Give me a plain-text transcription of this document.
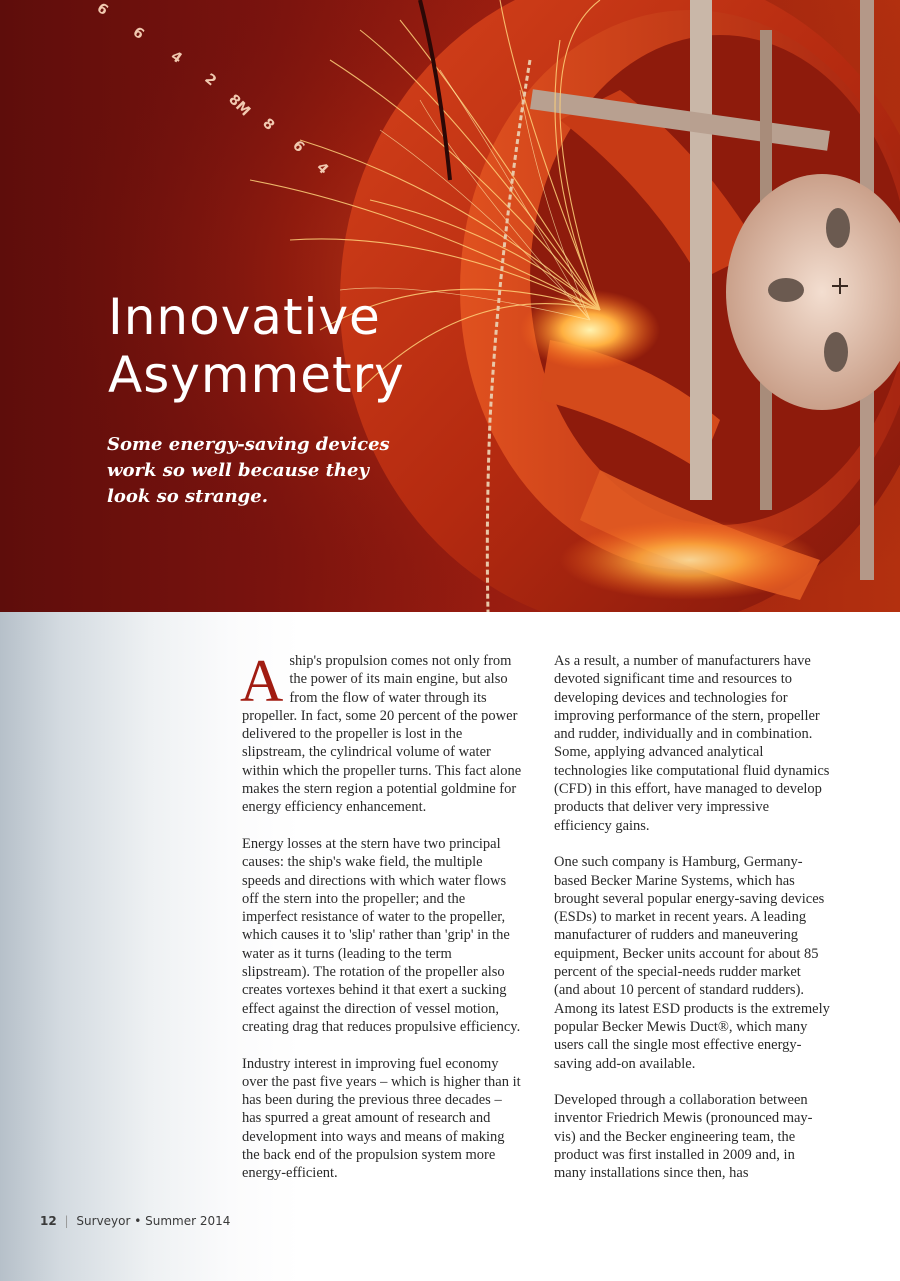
6
6
4
2
8M
8
6
4
Innovative
Asymmetry

Some energy-saving devices work so well because they look so strange.

Aship's propulsion comes not only from the power of its main engine, but also from the flow of water through its propeller. In fact, some 20 percent of the power delivered to the propeller is lost in the slipstream, the cylindrical volume of water within which the propeller turns. This fact alone makes the stern region a potential goldmine for energy efficiency enhancement.

Energy losses at the stern have two principal causes: the ship's wake field, the multiple speeds and directions with which water flows off the stern into the propeller; and the imperfect resistance of water to the propeller, which causes it to 'slip' rather than 'grip' in the water as it turns (leading to the term slipstream). The rotation of the propeller also creates vortexes behind it that exert a sucking effect against the direction of vessel motion, creating drag that reduces propulsive efficiency.

Industry interest in improving fuel economy over the past five years – which is higher than it has been during the previous three decades – has spurred a great amount of research and development into ways and means of making the back end of the propulsion system more energy-efficient.

As a result, a number of manufacturers have devoted significant time and resources to developing devices and technologies for improving performance of the stern, propeller and rudder, individually and in combination. Some, applying advanced analytical technologies like computational fluid dynamics (CFD) in this effort, have managed to develop products that deliver very impressive efficiency gains.

One such company is Hamburg, Germany-based Becker Marine Systems, which has brought several popular energy-saving devices (ESDs) to market in recent years. A leading manufacturer of rudders and maneuvering equipment, Becker units account for about 85 percent of the special-needs rudder market (and about 10 percent of standard rudders). Among its latest ESD products is the extremely popular Becker Mewis Duct®, which many users call the single most effective energy-saving add-on available.

Developed through a collaboration between inventor Friedrich Mewis (pronounced may-vis) and the Becker engineering team, the product was first installed in 2009 and, in many installations since then, has

12 | Surveyor • Summer 2014
